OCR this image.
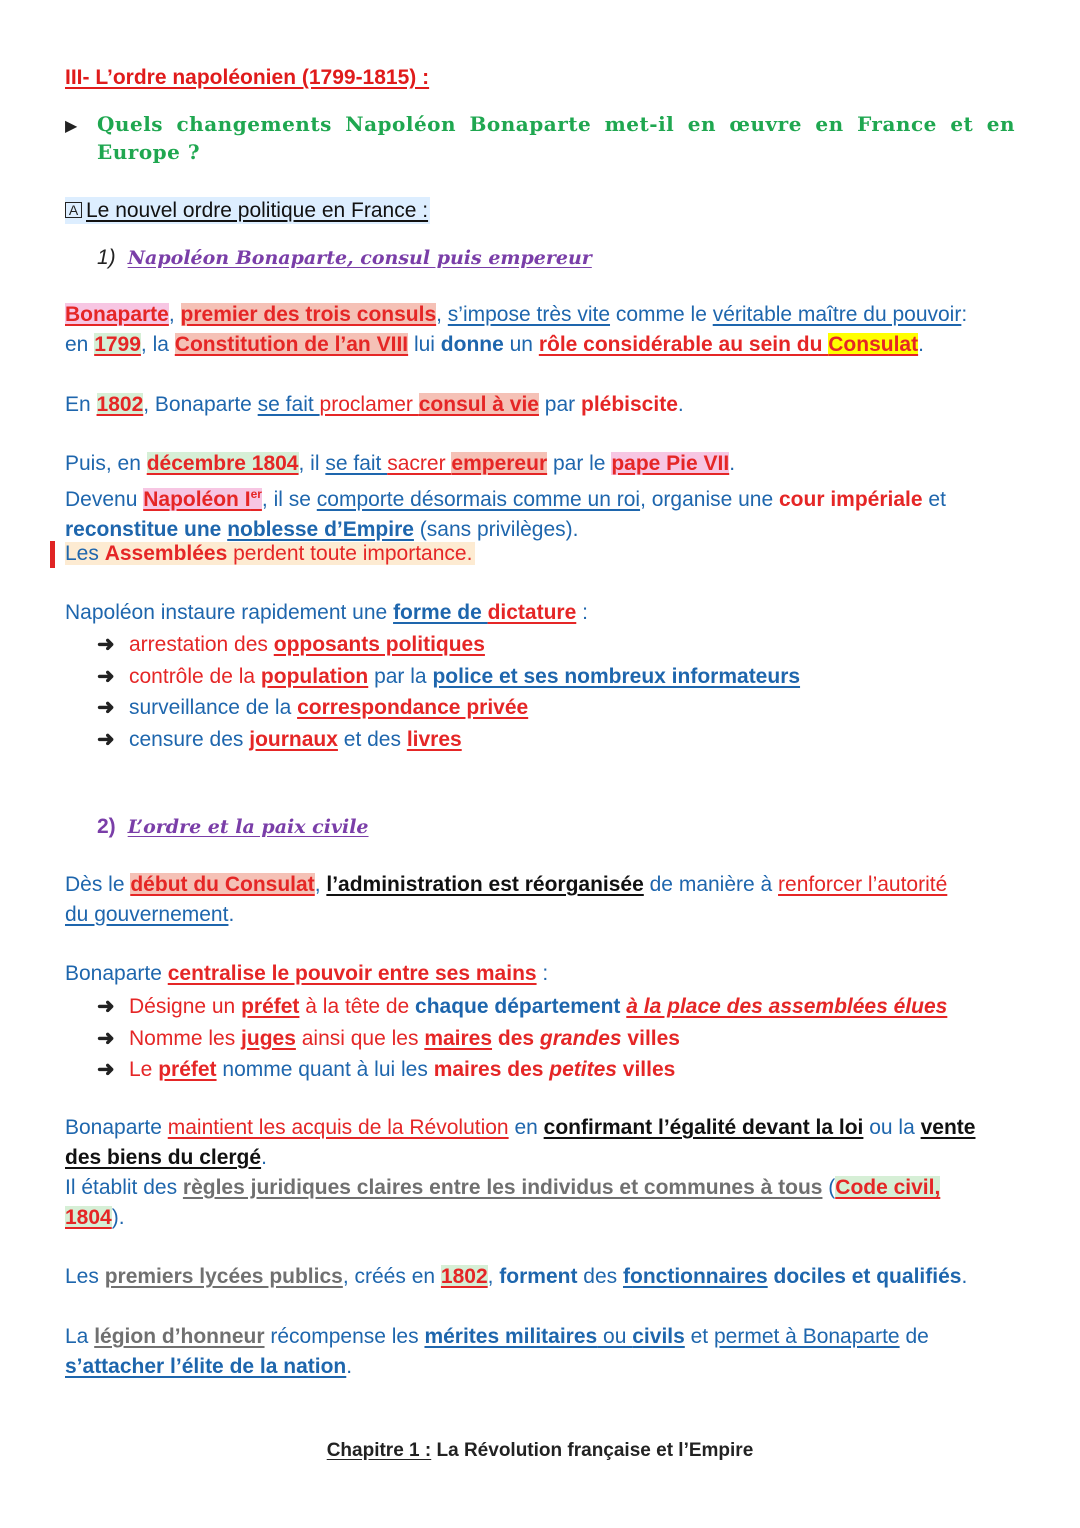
III- L’ordre napoléonien (1799-1815) :
▶ Quels changements Napoléon Bonaparte met-il en œuvre en France et en Europe ?
A Le nouvel ordre politique en France :
1) Napoléon Bonaparte, consul puis empereur
Bonaparte, premier des trois consuls, s’impose très vite comme le véritable maître du pouvoir:
en 1799, la Constitution de l’an VIII lui donne un rôle considérable au sein du Consulat.
En 1802, Bonaparte se fait proclamer consul à vie par plébiscite.
Puis, en décembre 1804, il se fait sacrer empereur par le pape Pie VII.
Devenu Napoléon Ier, il se comporte désormais comme un roi, organise une cour impériale et
reconstitue une noblesse d’Empire (sans privilèges).
Les Assemblées perdent toute importance.
Napoléon instaure rapidement une forme de dictature :
➜ arrestation des opposants politiques
➜ contrôle de la population par la police et ses nombreux informateurs
➜ surveillance de la correspondance privée
➜ censure des journaux et des livres
2) L’ordre et la paix civile
Dès le début du Consulat, l’administration est réorganisée de manière à renforcer l’autorité
du gouvernement.
Bonaparte centralise le pouvoir entre ses mains :
➜ Désigne un préfet à la tête de chaque département à la place des assemblées élues
➜ Nomme les juges ainsi que les maires des grandes villes
➜ Le préfet nomme quant à lui les maires des petites villes
Bonaparte maintient les acquis de la Révolution en confirmant l’égalité devant la loi ou la vente
des biens du clergé.
Il établit des règles juridiques claires entre les individus et communes à tous (Code civil,
1804).
Les premiers lycées publics, créés en 1802, forment des fonctionnaires dociles et qualifiés.
La légion d’honneur récompense les mérites militaires ou civils et permet à Bonaparte de
s’attacher l’élite de la nation.
Chapitre 1 : La Révolution française et l’Empire
